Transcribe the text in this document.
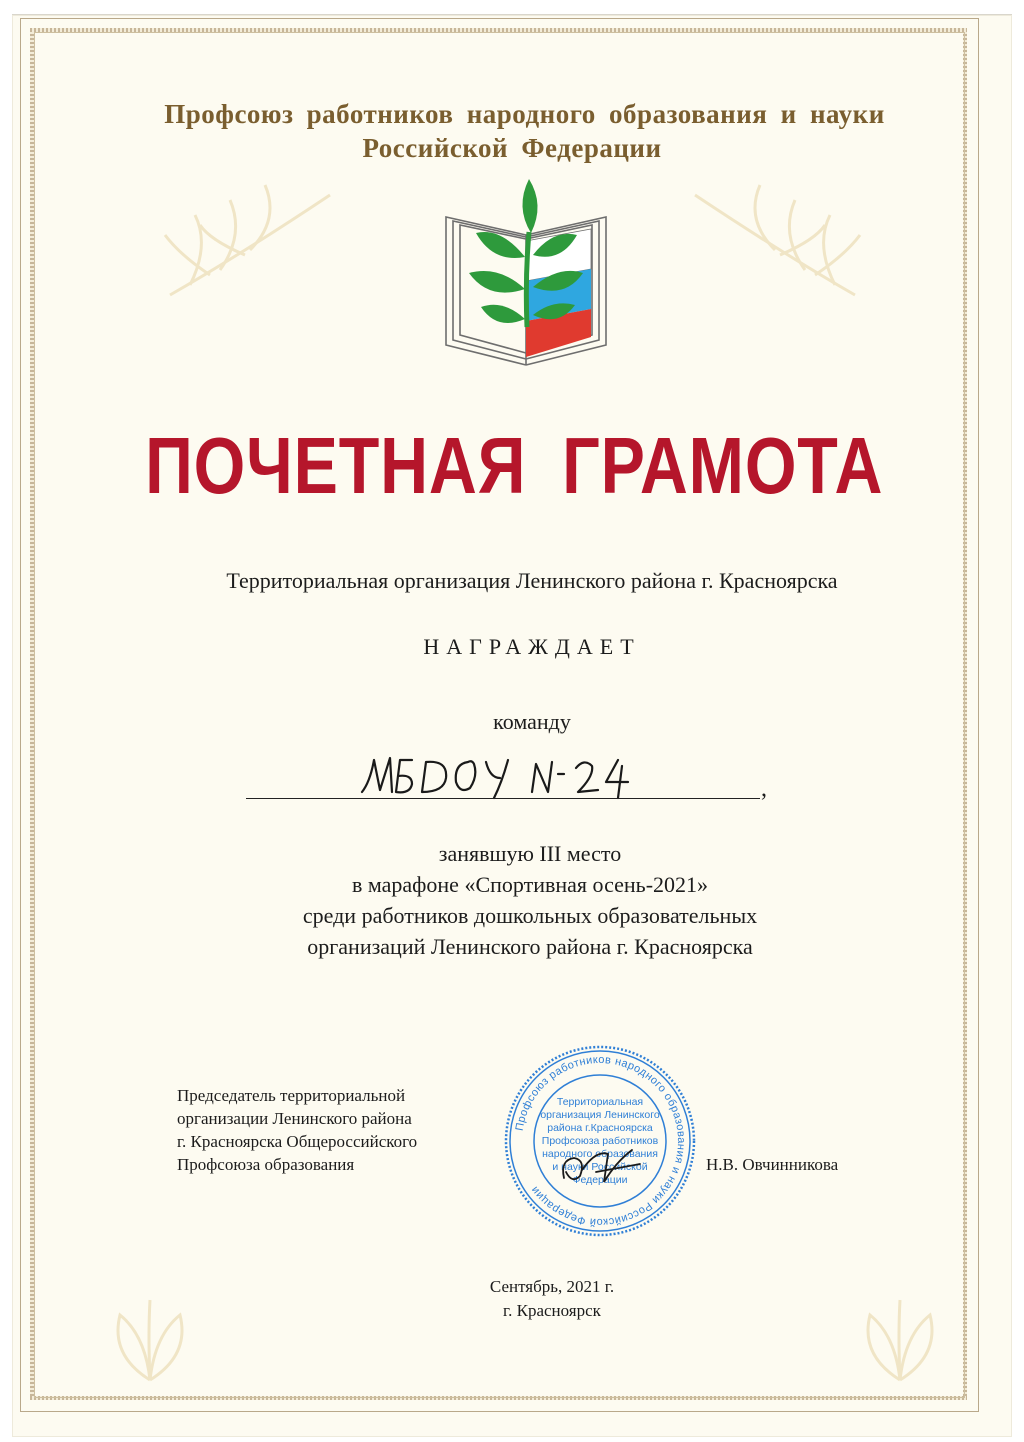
Профсоюз работников народного образования и науки
Российской Федерации
ПОЧЕТНАЯ ГРАМОТА
Территориальная организация Ленинского района г. Красноярска
НАГРАЖДАЕТ
команду
,
занявшую III место
в марафоне «Спортивная осень-2021»
среди работников дошкольных образовательных
организаций Ленинского района г. Красноярска
Председатель территориальной
организации Ленинского района
г. Красноярска Общероссийского
Профсоюза образования
Профсоюз работников народного образования и науки Российской Федерации
Территориальная
организация Ленинского
района г.Красноярска
Профсоюза работников
народного образования
и науки Российской
Федерации
Н.В. Овчинникова
Сентябрь, 2021 г.
г. Красноярск
